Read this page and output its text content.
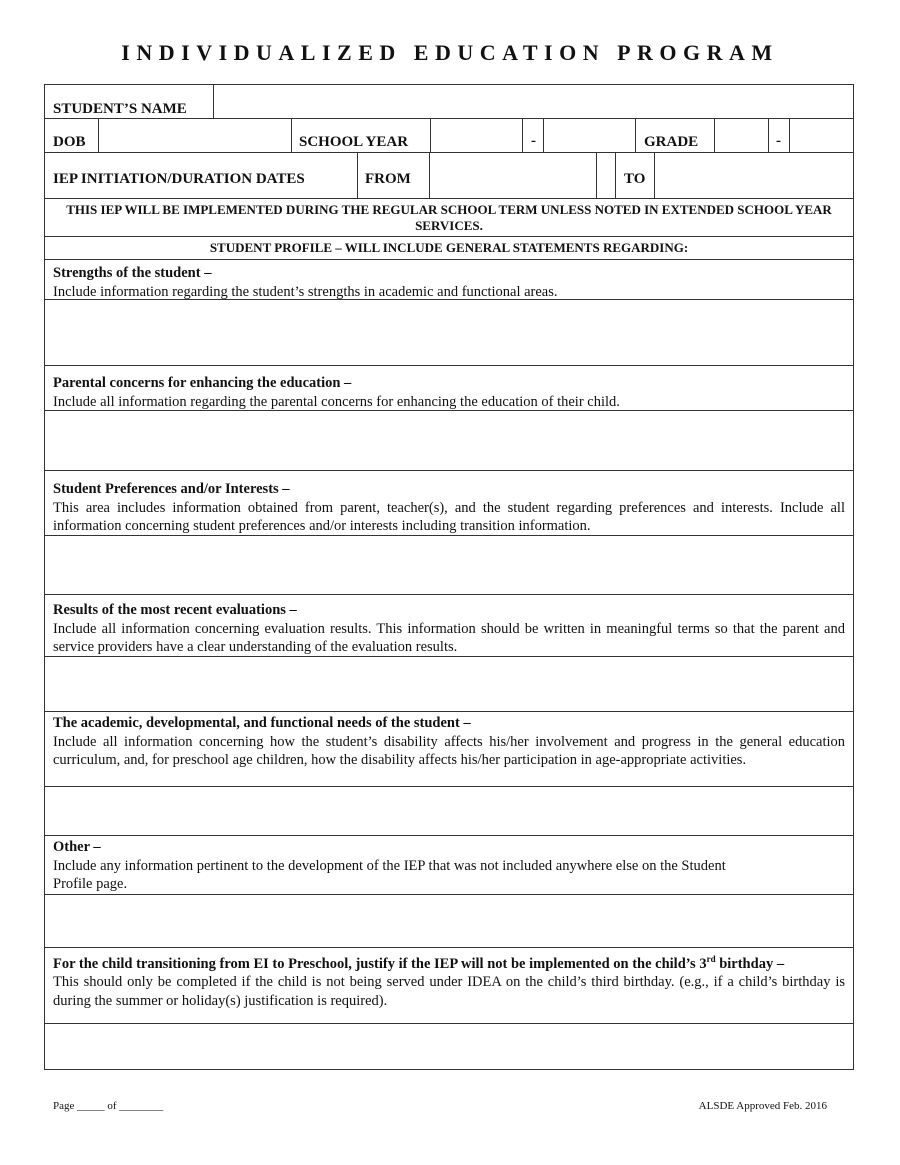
INDIVIDUALIZED EDUCATION PROGRAM
STUDENT’S NAME
DOB	SCHOOL YEAR	-	GRADE	-
IEP INITIATION/DURATION DATES	FROM	TO
THIS IEP WILL BE IMPLEMENTED DURING THE REGULAR SCHOOL TERM UNLESS NOTED IN EXTENDED SCHOOL YEAR SERVICES.
STUDENT PROFILE – WILL INCLUDE GENERAL STATEMENTS REGARDING:
Strengths of the student –
Include information regarding the student’s strengths in academic and functional areas.
Parental concerns for enhancing the education –
Include all information regarding the parental concerns for enhancing the education of their child.
Student Preferences and/or Interests –
This area includes information obtained from parent, teacher(s), and the student regarding preferences and interests. Include all information concerning student preferences and/or interests including transition information.
Results of the most recent evaluations –
Include all information concerning evaluation results. This information should be written in meaningful terms so that the parent and service providers have a clear understanding of the evaluation results.
The academic, developmental, and functional needs of the student –
Include all information concerning how the student’s disability affects his/her involvement and progress in the general education curriculum, and, for preschool age children, how the disability affects his/her participation in age-appropriate activities.
Other –
Include any information pertinent to the development of the IEP that was not included anywhere else on the Student Profile page.
For the child transitioning from EI to Preschool, justify if the IEP will not be implemented on the child’s 3rd birthday –
This should only be completed if the child is not being served under IDEA on the child’s third birthday. (e.g., if a child’s birthday is during the summer or holiday(s) justification is required).
Page _____ of ________	ALSDE Approved Feb. 2016
